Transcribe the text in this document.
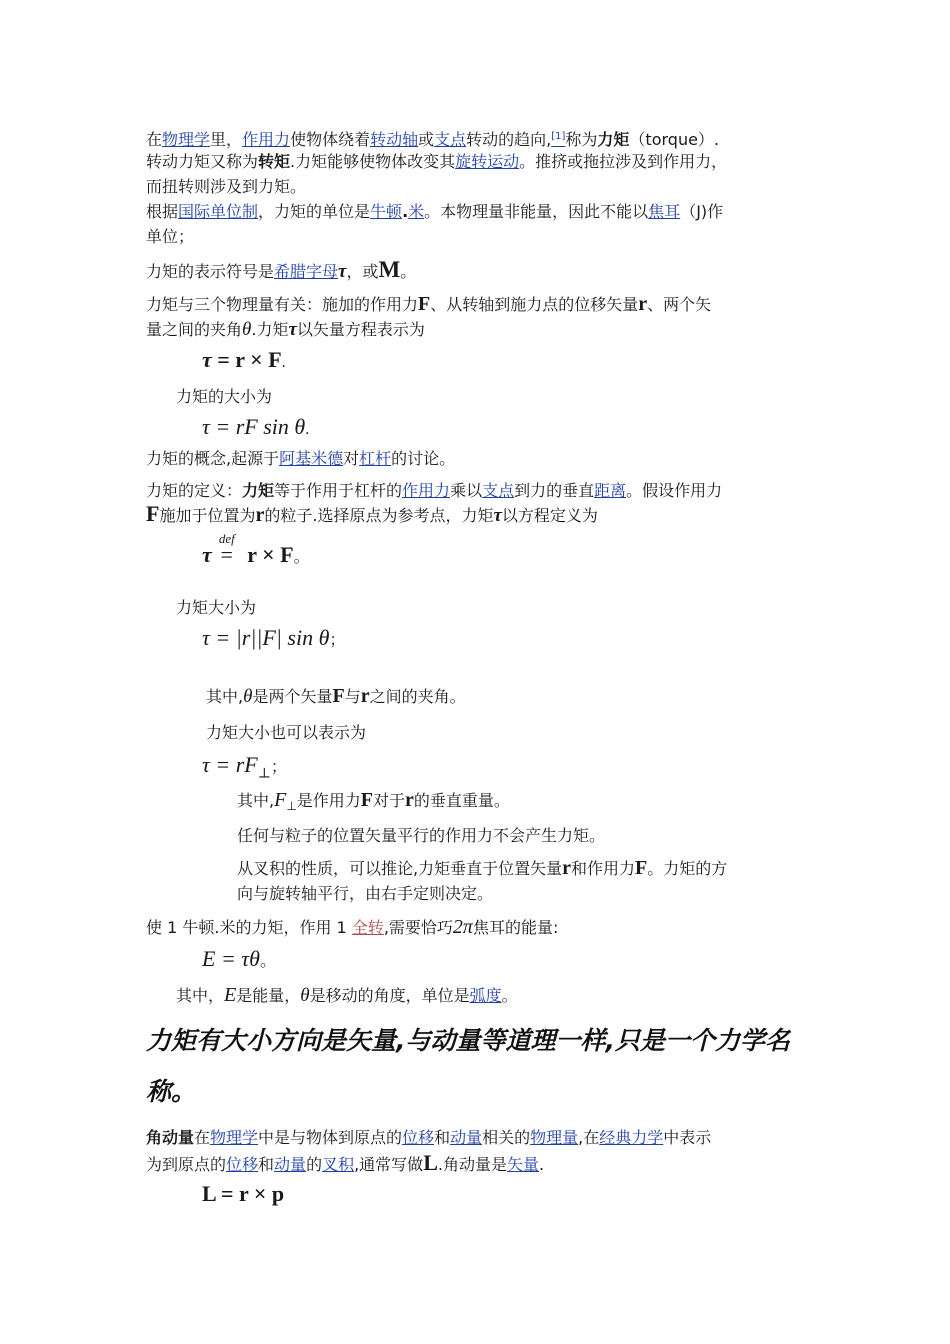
在物理学里，作用力使物体绕着转动轴或支点转动的趋向,[1]称为力矩（torque）.
转动力矩又称为转矩.力矩能够使物体改变其旋转运动。推挤或拖拉涉及到作用力，
而扭转则涉及到力矩。
根据国际单位制，力矩的单位是牛顿.米。本物理量非能量，因此不能以焦耳（J)作
单位；
力矩的表示符号是希腊字母τ，或M。
力矩与三个物理量有关：施加的作用力F、从转轴到施力点的位移矢量r、两个矢
量之间的夹角θ.力矩τ以矢量方程表示为
τ = r × F.
力矩的大小为
τ = rF sin θ.
力矩的概念,起源于阿基米德对杠杆的讨论。
力矩的定义：力矩等于作用于杠杆的作用力乘以支点到力的垂直距离。假设作用力
F施加于位置为r的粒子.选择原点为参考点，力矩τ以方程定义为
τ
def
= r × F。
力矩大小为
τ = |r||F| sin θ；
其中,θ是两个矢量F与r之间的夹角。
力矩大小也可以表示为
$\tau = rF_\perp$；
其中$,F_\perp$是作用力F对于r的垂直重量。
任何与粒子的位置矢量平行的作用力不会产生力矩。
从叉积的性质，可以推论,力矩垂直于位置矢量r和作用力F。力矩的方
向与旋转轴平行，由右手定则决定。
使 1 牛顿.米的力矩，作用 1 全转,需要恰巧2π焦耳的能量:
E = τθ。
其中，E是能量，θ是移动的角度，单位是弧度。
力矩有大小方向是矢量,与动量等道理一样,只是一个力学名
称。
角动量在物理学中是与物体到原点的位移和动量相关的物理量,在经典力学中表示
为到原点的位移和动量的叉积,通常写做L.角动量是矢量.
L = r × p
